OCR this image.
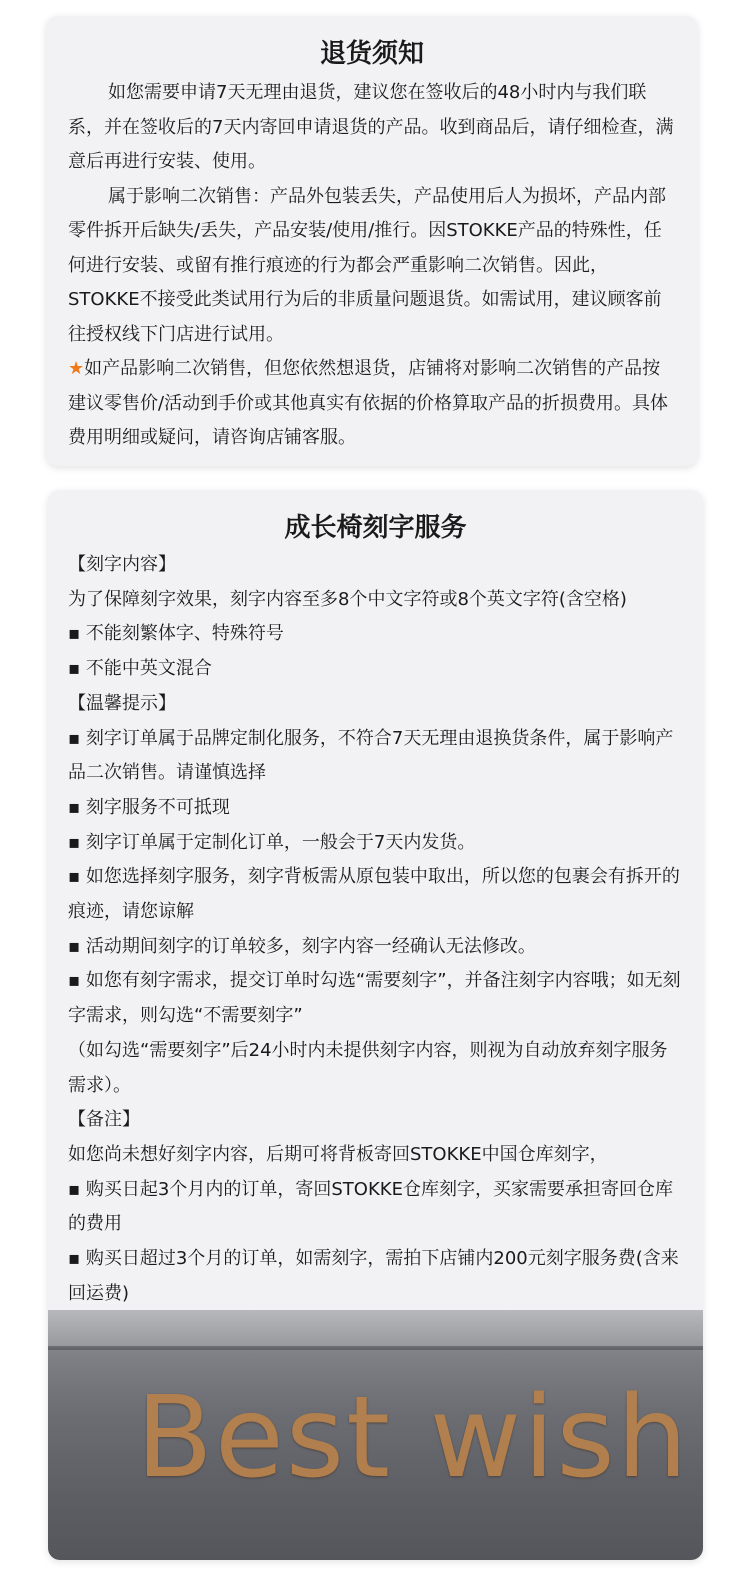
退货须知

如您需要申请7天无理由退货，建议您在签收后的48小时内与我们联系，并在签收后的7天内寄回申请退货的产品。收到商品后，请仔细检查，满意后再进行安装、使用。

属于影响二次销售：产品外包装丢失，产品使用后人为损坏，产品内部零件拆开后缺失/丢失，产品安装/使用/推行。因STOKKE产品的特殊性，任何进行安装、或留有推行痕迹的行为都会严重影响二次销售。因此，STOKKE不接受此类试用行为后的非质量问题退货。如需试用，建议顾客前往授权线下门店进行试用。

★如产品影响二次销售，但您依然想退货，店铺将对影响二次销售的产品按建议零售价/活动到手价或其他真实有依据的价格算取产品的折损费用。具体费用明细或疑问，请咨询店铺客服。

成长椅刻字服务

【刻字内容】

为了保障刻字效果，刻字内容至多8个中文字符或8个英文字符(含空格)

▪ 不能刻繁体字、特殊符号

▪ 不能中英文混合

【温馨提示】

▪ 刻字订单属于品牌定制化服务，不符合7天无理由退换货条件，属于影响产品二次销售。请谨慎选择

▪ 刻字服务不可抵现

▪ 刻字订单属于定制化订单，一般会于7天内发货。

▪ 如您选择刻字服务，刻字背板需从原包装中取出，所以您的包裹会有拆开的痕迹，请您谅解

▪ 活动期间刻字的订单较多，刻字内容一经确认无法修改。

▪ 如您有刻字需求，提交订单时勾选“需要刻字”，并备注刻字内容哦；如无刻字需求，则勾选“不需要刻字”

（如勾选“需要刻字”后24小时内未提供刻字内容，则视为自动放弃刻字服务需求）。

【备注】

如您尚未想好刻字内容，后期可将背板寄回STOKKE中国仓库刻字，

▪ 购买日起3个月内的订单，寄回STOKKE仓库刻字，买家需要承担寄回仓库的费用

▪ 购买日超过3个月的订单，如需刻字，需拍下店铺内200元刻字服务费(含来回运费)

Best wish
